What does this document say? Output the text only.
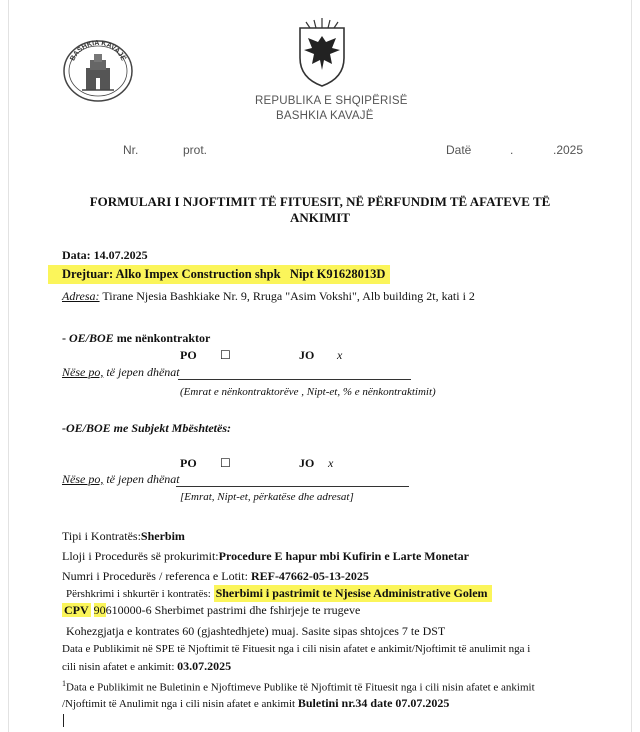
BASHKIA KAVAJË
REPUBLIKA E SHQIPËRISË
BASHKIA KAVAJË
Nr.	prot.	Datë	.	.2025
FORMULARI I NJOFTIMIT TË FITUESIT, NË PËRFUNDIM TË AFATEVE TË
ANKIMIT
Data: 14.07.2025
Drejtuar: Alko Impex Construction shpk Nipt K91628013D
Adresa: Tirane Njesia Bashkiake Nr. 9, Rruga "Asim Vokshi", Alb building 2t, kati i 2
- OE/BOE me nënkontraktor
PO ☐	JO x
Nëse po, të jepen dhënat
(Emrat e nënkontraktorëve , Nipt-et, % e nënkontraktimit)
-OE/BOE me Subjekt Mbështetës:
PO ☐	JO x
Nëse po, të jepen dhënat
[Emrat, Nipt-et, përkatëse dhe adresat]
Tipi i Kontratës:Sherbim
Lloji i Procedurës së prokurimit:Procedure E hapur mbi Kufirin e Larte Monetar
Numri i Procedurës / referenca e Lotit: REF-47662-05-13-2025
Përshkrimi i shkurtër i kontratës: Sherbimi i pastrimit te Njesise Administrative Golem
CPV 90610000-6 Sherbimet pastrimi dhe fshirjeje te rrugeve
Kohezgjatja e kontrates 60 (gjashtedhjete) muaj. Sasite sipas shtojces 7 te DST
Data e Publikimit në SPE të Njoftimit të Fituesit nga i cili nisin afatet e ankimit/Njoftimit të anulimit nga i
cili nisin afatet e ankimit: 03.07.2025
$^1$Data e Publikimit ne Buletinin e Njoftimeve Publike të Njoftimit të Fituesit nga i cili nisin afatet e ankimit
/Njoftimit të Anulimit nga i cili nisin afatet e ankimit Buletini nr.34 date 07.07.2025
